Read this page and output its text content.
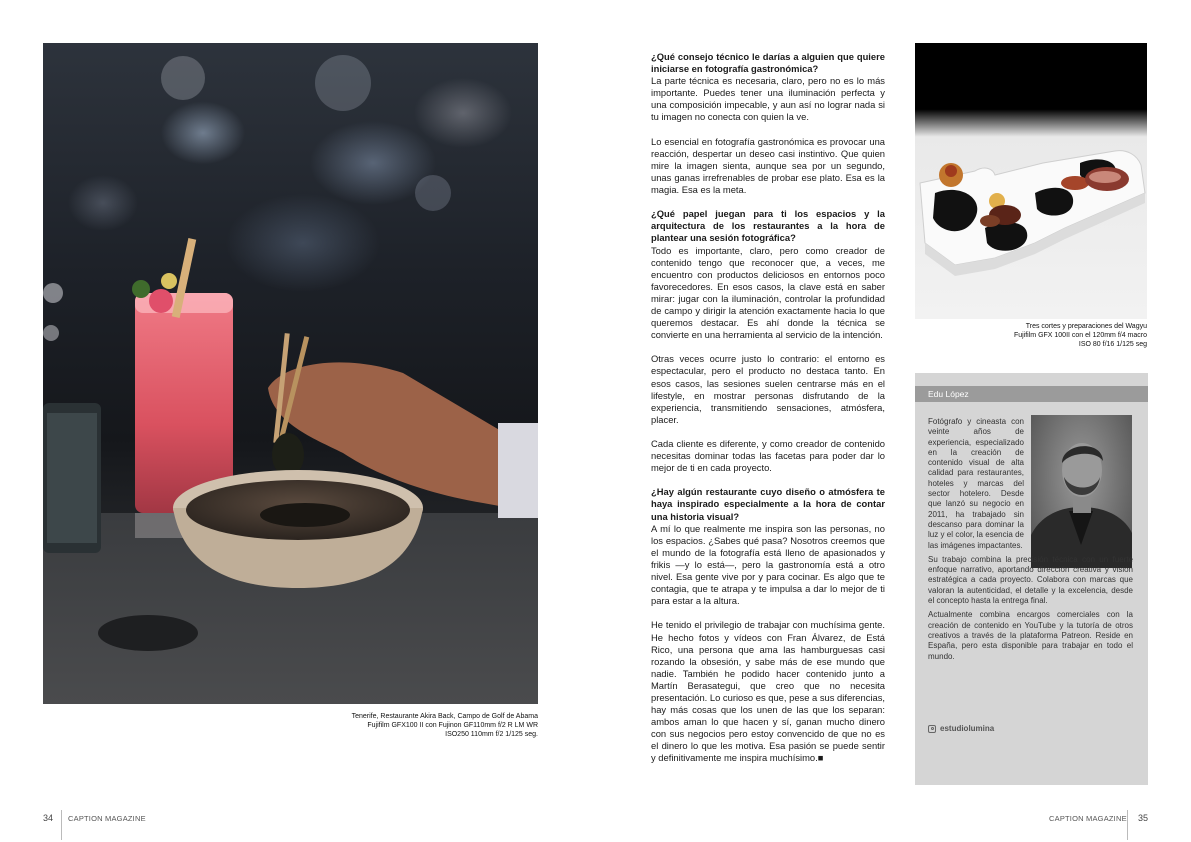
Tenerife, Restaurante Akira Back, Campo de Golf de Abama
Fujifilm GFX100 II con Fujinon GF110mm f/2 R LM WR
ISO250 110mm f/2 1/125 seg.
34 CAPTION MAGAZINE

¿Qué consejo técnico le darías a alguien que quiere iniciarse en fotografía gastronómica?

La parte técnica es necesaria, claro, pero no es lo más importante. Puedes tener una iluminación perfecta y una composición impecable, y aun así no lograr nada si tu imagen no conecta con quien la ve.

Lo esencial en fotografía gastronómica es provocar una reacción, despertar un deseo casi instintivo. Que quien mire la imagen sienta, aunque sea por un segundo, unas ganas irrefrenables de probar ese plato. Esa es la magia. Esa es la meta.

¿Qué papel juegan para ti los espacios y la arquitectura de los restaurantes a la hora de plantear una sesión fotográfica?

Todo es importante, claro, pero como creador de contenido tengo que reconocer que, a veces, me encuentro con productos deliciosos en entornos poco favorecedores. En esos casos, la clave está en saber mirar: jugar con la iluminación, controlar la profundidad de campo y dirigir la atención exactamente hacia lo que queremos destacar. Es ahí donde la técnica se convierte en una herramienta al servicio de la intención.

Otras veces ocurre justo lo contrario: el entorno es espectacular, pero el producto no destaca tanto. En esos casos, las sesiones suelen centrarse más en el lifestyle, en mostrar personas disfrutando de la experiencia, transmitiendo sensaciones, atmósfera, placer.

Cada cliente es diferente, y como creador de contenido necesitas dominar todas las facetas para poder dar lo mejor de ti en cada proyecto.

¿Hay algún restaurante cuyo diseño o atmósfera te haya inspirado especialmente a la hora de contar una historia visual?

A mí lo que realmente me inspira son las personas, no los espacios. ¿Sabes qué pasa? Nosotros creemos que el mundo de la fotografía está lleno de apasionados y frikis —y lo está—, pero la gastronomía está a otro nivel. Esa gente vive por y para cocinar. Es algo que te contagia, que te atrapa y te impulsa a dar lo mejor de ti para estar a la altura.

He tenido el privilegio de trabajar con muchísima gente. He hecho fotos y vídeos con Fran Álvarez, de Está Rico, una persona que ama las hamburguesas casi rozando la obsesión, y sabe más de ese mundo que nadie. También he podido hacer contenido junto a Martín Berasategui, que creo que no necesita presentación. Lo curioso es que, pese a sus diferencias, hay más cosas que los unen de las que los separan: ambos aman lo que hacen y sí, ganan mucho dinero con sus negocios pero estoy convencido de que no es el dinero lo que les motiva. Esa pasión se puede sentir y definitivamente me inspira muchísimo.■

Tres cortes y preparaciones del Wagyu
Fujifilm GFX 100II con el 120mm f/4 macro
ISO 80 f/16 1/125 seg
Edu López

Fotógrafo y cineasta con veinte años de experiencia, especializado en la creación de contenido visual de alta calidad para restaurantes, hoteles y marcas del sector hotelero. Desde que lanzó su negocio en 2011, ha trabajado sin descanso para dominar la luz y el color, la esencia de las imágenes impactantes.

Su trabajo combina la precisión técnica con un fuerte enfoque narrativo, aportando dirección creativa y visión estratégica a cada proyecto. Colabora con marcas que valoran la autenticidad, el detalle y la excelencia, desde el concepto hasta la entrega final.

Actualmente combina encargos comerciales con la creación de contenido en YouTube y la tutoría de otros creativos a través de la plataforma Patreon. Reside en España, pero esta disponible para trabajar en todo el mundo.

estudiolumina
CAPTION MAGAZINE 35
